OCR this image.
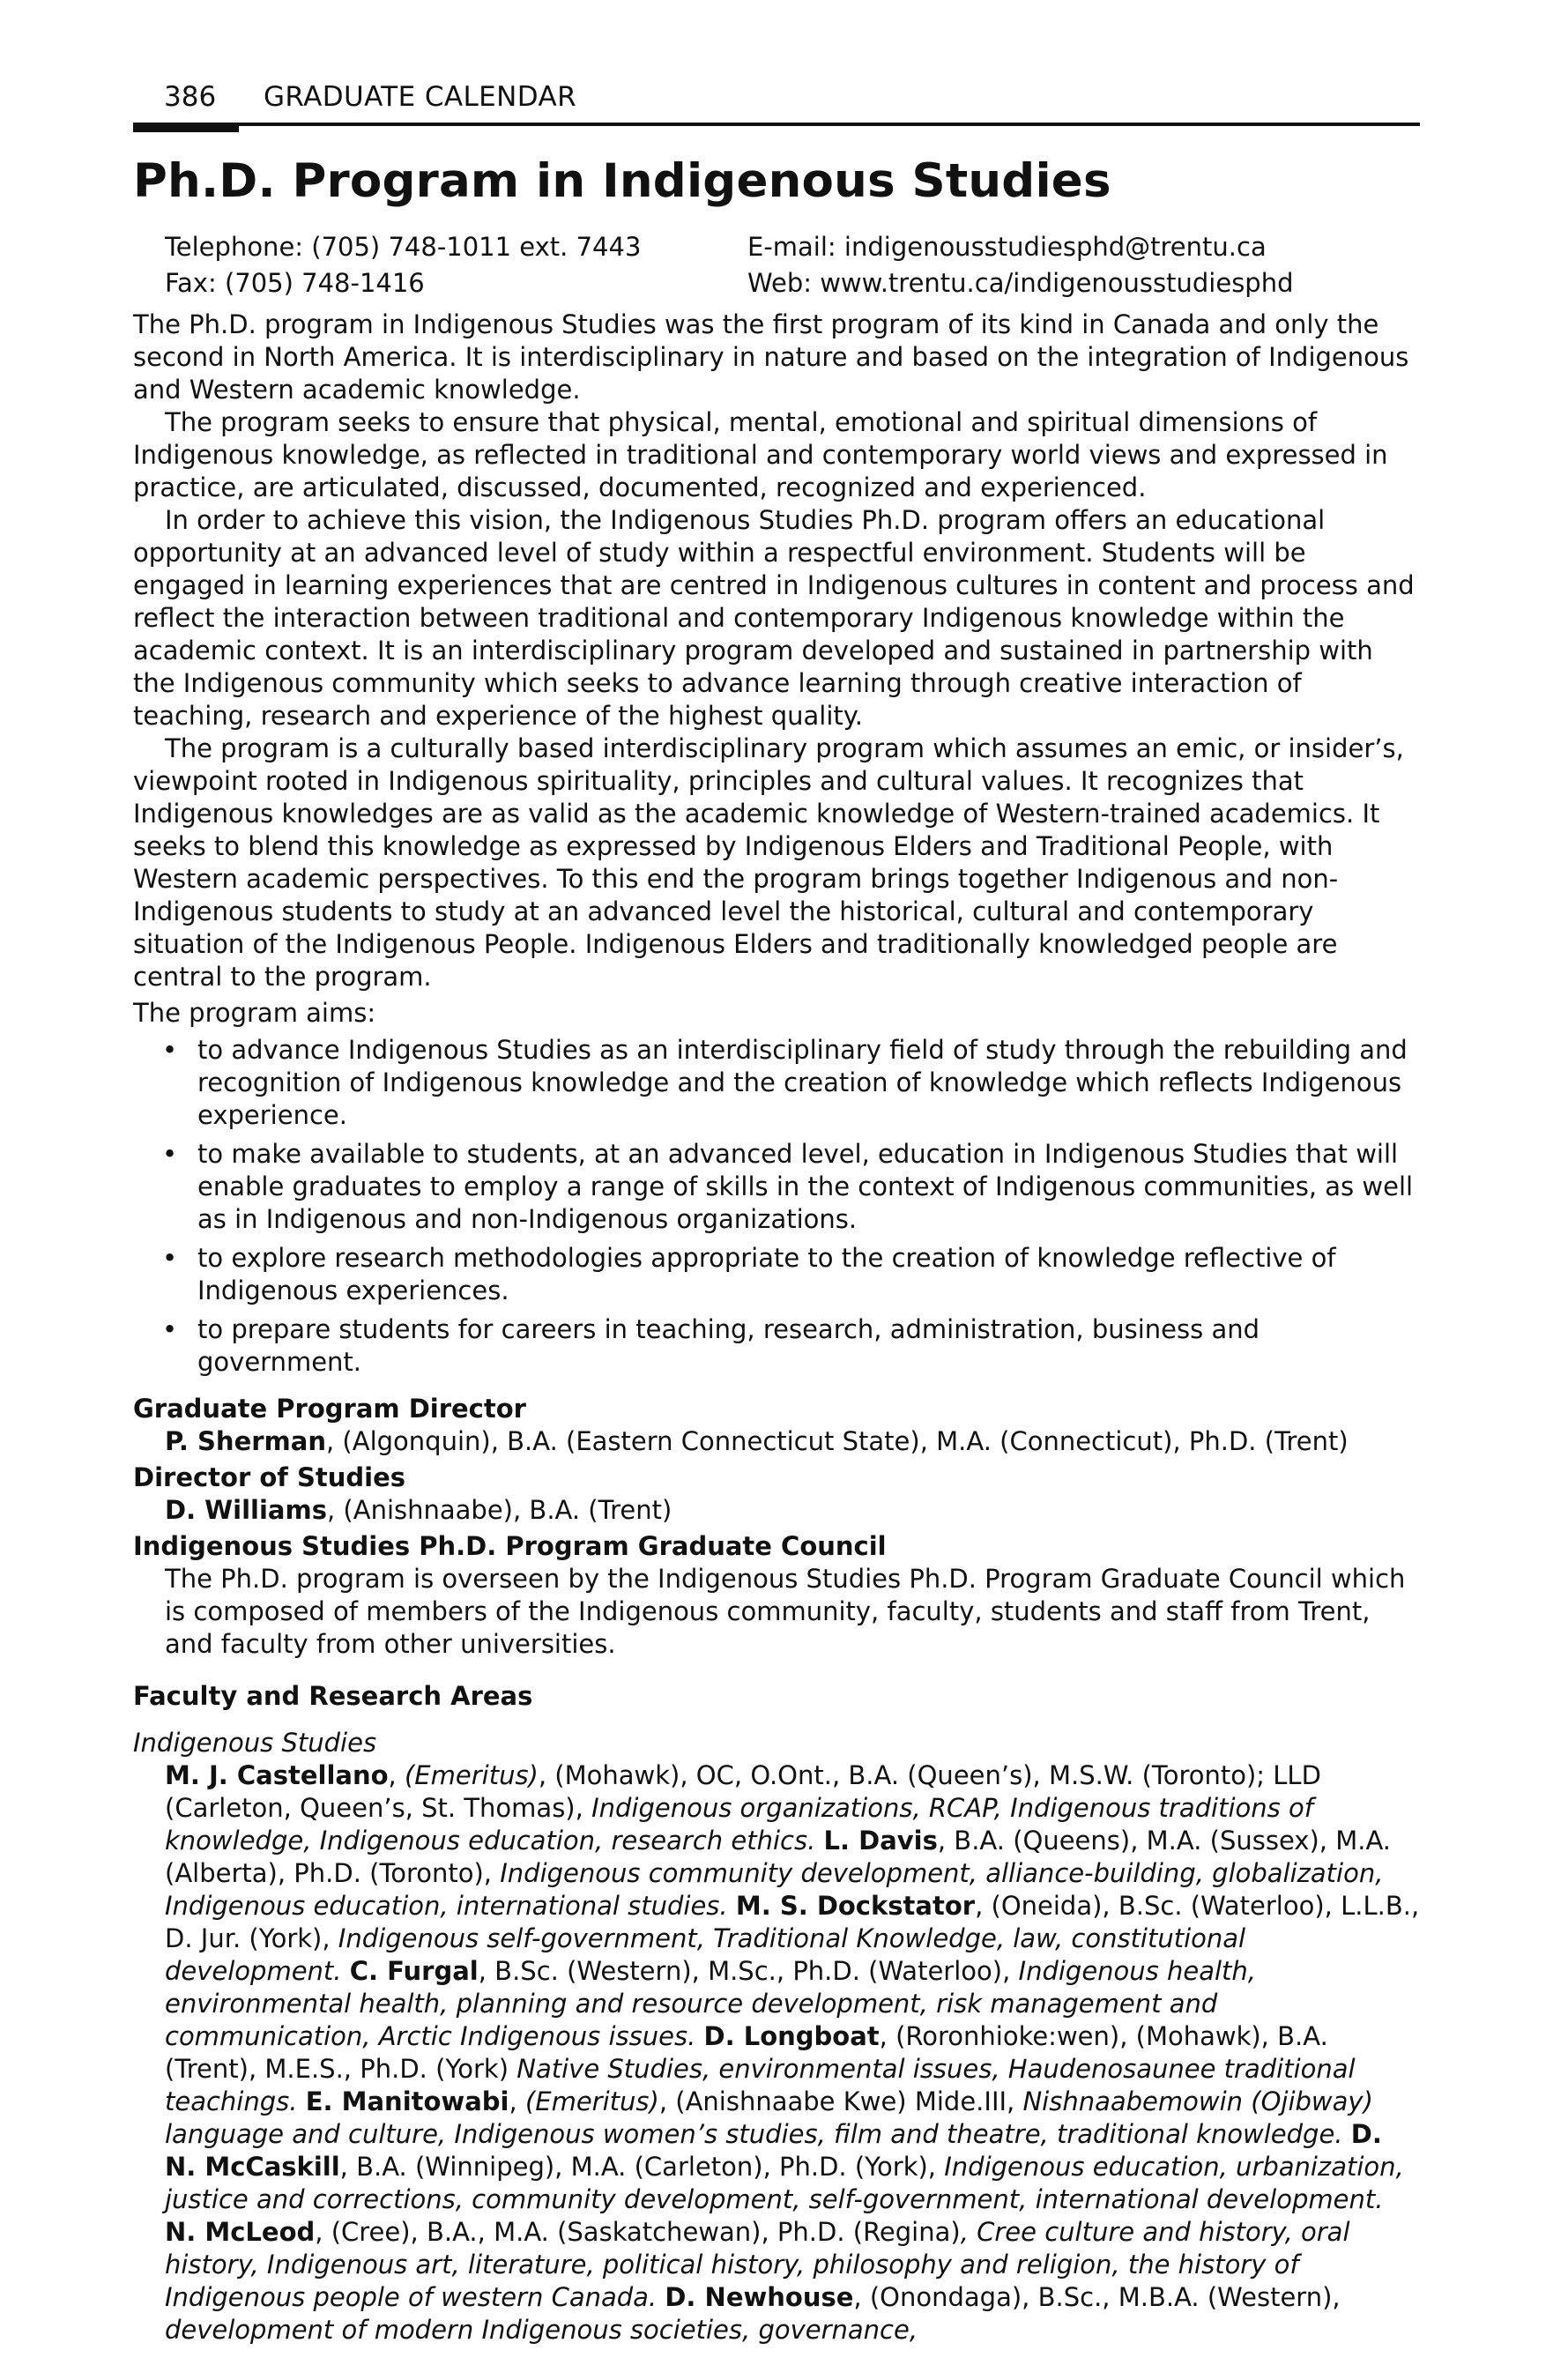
386 GRADUATE CALENDAR
Ph.D. Program in Indigenous Studies
Telephone: (705) 748-1011 ext. 7443
Fax: (705) 748-1416
E-mail: indigenousstudiesphd@trentu.ca
Web: www.trentu.ca/indigenousstudiesphd

The Ph.D. program in Indigenous Studies was the first program of its kind in Canada and only the second in North America. It is interdisciplinary in nature and based on the integration of Indigenous and Western academic knowledge.

The program seeks to ensure that physical, mental, emotional and spiritual dimensions of Indigenous knowledge, as reflected in traditional and contemporary world views and expressed in practice, are articulated, discussed, documented, recognized and experienced.

In order to achieve this vision, the Indigenous Studies Ph.D. program offers an educational opportunity at an advanced level of study within a respectful environment. Students will be engaged in learning experiences that are centred in Indigenous cultures in content and process and reflect the interaction between traditional and contemporary Indigenous knowledge within the academic context. It is an interdisciplinary program developed and sustained in partnership with the Indigenous community which seeks to advance learning through creative interaction of teaching, research and experience of the highest quality.

The program is a culturally based interdisciplinary program which assumes an emic, or insider’s, viewpoint rooted in Indigenous spirituality, principles and cultural values. It recognizes that Indigenous knowledges are as valid as the academic knowledge of Western-trained academics. It seeks to blend this knowledge as expressed by Indigenous Elders and Traditional People, with Western academic perspectives. To this end the program brings together Indigenous and non-Indigenous students to study at an advanced level the historical, cultural and contemporary situation of the Indigenous People. Indigenous Elders and traditionally knowledged people are central to the program.

The program aims:

• to advance Indigenous Studies as an interdisciplinary field of study through the rebuilding and recognition of Indigenous knowledge and the creation of knowledge which reflects Indigenous experience.
• to make available to students, at an advanced level, education in Indigenous Studies that will enable graduates to employ a range of skills in the context of Indigenous communities, as well as in Indigenous and non-Indigenous organizations.
• to explore research methodologies appropriate to the creation of knowledge reflective of Indigenous experiences.
• to prepare students for careers in teaching, research, administration, business and government.
Graduate Program Director

P. Sherman, (Algonquin), B.A. (Eastern Connecticut State), M.A. (Connecticut), Ph.D. (Trent)

Director of Studies

D. Williams, (Anishnaabe), B.A. (Trent)

Indigenous Studies Ph.D. Program Graduate Council

The Ph.D. program is overseen by the Indigenous Studies Ph.D. Program Graduate Council which is composed of members of the Indigenous community, faculty, students and staff from Trent, and faculty from other universities.

Faculty and Research Areas

Indigenous Studies

M. J. Castellano, (Emeritus), (Mohawk), OC, O.Ont., B.A. (Queen’s), M.S.W. (Toronto); LLD (Carleton, Queen’s, St. Thomas), Indigenous organizations, RCAP, Indigenous traditions of knowledge, Indigenous education, research ethics. L. Davis, B.A. (Queens), M.A. (Sussex), M.A. (Alberta), Ph.D. (Toronto), Indigenous community development, alliance-building, globalization, Indigenous education, international studies. M. S. Dockstator, (Oneida), B.Sc. (Waterloo), L.L.B., D. Jur. (York), Indigenous self-government, Traditional Knowledge, law, constitutional development. C. Furgal, B.Sc. (Western), M.Sc., Ph.D. (Waterloo), Indigenous health, environmental health, planning and resource development, risk management and communication, Arctic Indigenous issues. D. Longboat, (Roronhioke:wen), (Mohawk), B.A. (Trent), M.E.S., Ph.D. (York) Native Studies, environmental issues, Haudenosaunee traditional teachings. E. Manitowabi, (Emeritus), (Anishnaabe Kwe) Mide.III, Nishnaabemowin (Ojibway) language and culture, Indigenous women’s studies, film and theatre, traditional knowledge. D. N. McCaskill, B.A. (Winnipeg), M.A. (Carleton), Ph.D. (York), Indigenous education, urbanization, justice and corrections, community development, self-government, international development. N. McLeod, (Cree), B.A., M.A. (Saskatchewan), Ph.D. (Regina), Cree culture and history, oral history, Indigenous art, literature, political history, philosophy and religion, the history of Indigenous people of western Canada. D. Newhouse, (Onondaga), B.Sc., M.B.A. (Western), development of modern Indigenous societies, governance,
